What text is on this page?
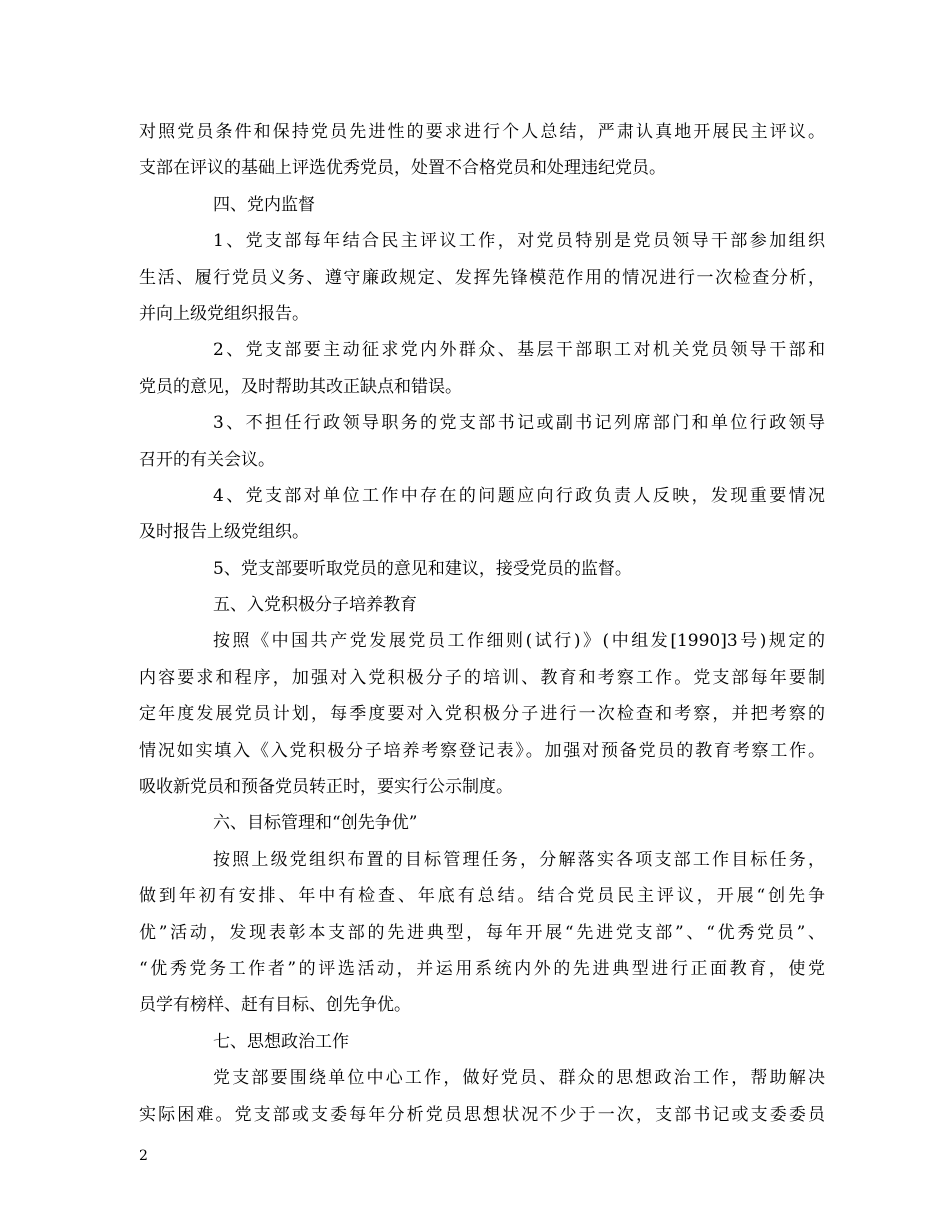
对照党员条件和保持党员先进性的要求进行个人总结，严肃认真地开展民主评议。
支部在评议的基础上评选优秀党员，处置不合格党员和处理违纪党员。
四、党内监督
1、党支部每年结合民主评议工作，对党员特别是党员领导干部参加组织
生活、履行党员义务、遵守廉政规定、发挥先锋模范作用的情况进行一次检查分析，
并向上级党组织报告。
2、党支部要主动征求党内外群众、基层干部职工对机关党员领导干部和
党员的意见，及时帮助其改正缺点和错误。
3、不担任行政领导职务的党支部书记或副书记列席部门和单位行政领导
召开的有关会议。
4、党支部对单位工作中存在的问题应向行政负责人反映，发现重要情况
及时报告上级党组织。
5、党支部要听取党员的意见和建议，接受党员的监督。
五、入党积极分子培养教育
按照《中国共产党发展党员工作细则(试行)》(中组发[1990]3号)规定的
内容要求和程序，加强对入党积极分子的培训、教育和考察工作。党支部每年要制
定年度发展党员计划，每季度要对入党积极分子进行一次检查和考察，并把考察的
情况如实填入《入党积极分子培养考察登记表》。加强对预备党员的教育考察工作。
吸收新党员和预备党员转正时，要实行公示制度。
六、目标管理和“创先争优”
按照上级党组织布置的目标管理任务，分解落实各项支部工作目标任务，
做到年初有安排、年中有检查、年底有总结。结合党员民主评议，开展“创先争
优”活动，发现表彰本支部的先进典型，每年开展“先进党支部”、“优秀党员”、
“优秀党务工作者”的评选活动，并运用系统内外的先进典型进行正面教育，使党
员学有榜样、赶有目标、创先争优。
七、思想政治工作
党支部要围绕单位中心工作，做好党员、群众的思想政治工作，帮助解决
实际困难。党支部或支委每年分析党员思想状况不少于一次，支部书记或支委委员
2
